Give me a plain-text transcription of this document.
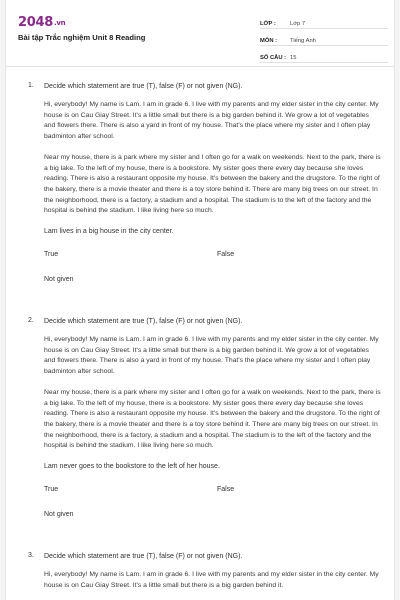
2048.vn
Bài tập Trắc nghiệm Unit 8 Reading
LỚP :	Lớp 7
MÔN :	Tiếng Anh
SỐ CÂU : 15
1. Decide which statement are true (T), false (F) or not given (NG).

Hi, everybody! My name is Lam. I am in grade 6. I live with my parents and my elder sister in the city center. My house is on Cau Giay Street. It's a little small but there is a big garden behind it. We grow a lot of vegetables and flowers there. There is also a yard in front of my house. That's the place where my sister and I often play badminton after school.

Near my house, there is a park where my sister and I often go for a walk on weekends. Next to the park, there is a big lake. To the left of my house, there is a bookstore. My sister goes there every day because she loves reading. There is also a restaurant opposite my house. It's between the bakery and the drugstore. To the right of the bakery, there is a movie theater and there is a toy store behind it. There are many big trees on our street. In the neighborhood, there is a factory, a stadium and a hospital. The stadium is to the left of the factory and the hospital is behind the stadium. I like living here so much.

Lam lives in a big house in the city center.

True	False
Not given
2. Decide which statement are true (T), false (F) or not given (NG).

Hi, everybody! My name is Lam. I am in grade 6. I live with my parents and my elder sister in the city center. My house is on Cau Giay Street. It's a little small but there is a big garden behind it. We grow a lot of vegetables and flowers there. There is also a yard in front of my house. That's the place where my sister and I often play badminton after school.

Near my house, there is a park where my sister and I often go for a walk on weekends. Next to the park, there is a big lake. To the left of my house, there is a bookstore. My sister goes there every day because she loves reading. There is also a restaurant opposite my house. It's between the bakery and the drugstore. To the right of the bakery, there is a movie theater and there is a toy store behind it. There are many big trees on our street. In the neighborhood, there is a factory, a stadium and a hospital. The stadium is to the left of the factory and the hospital is behind the stadium. I like living here so much.

Lam never goes to the bookstore to the left of her house.

True	False
Not given
3. Decide which statement are true (T), false (F) or not given (NG).

Hi, everybody! My name is Lam. I am in grade 6. I live with my parents and my elder sister in the city center. My house is on Cau Giay Street. It's a little small but there is a big garden behind it.
